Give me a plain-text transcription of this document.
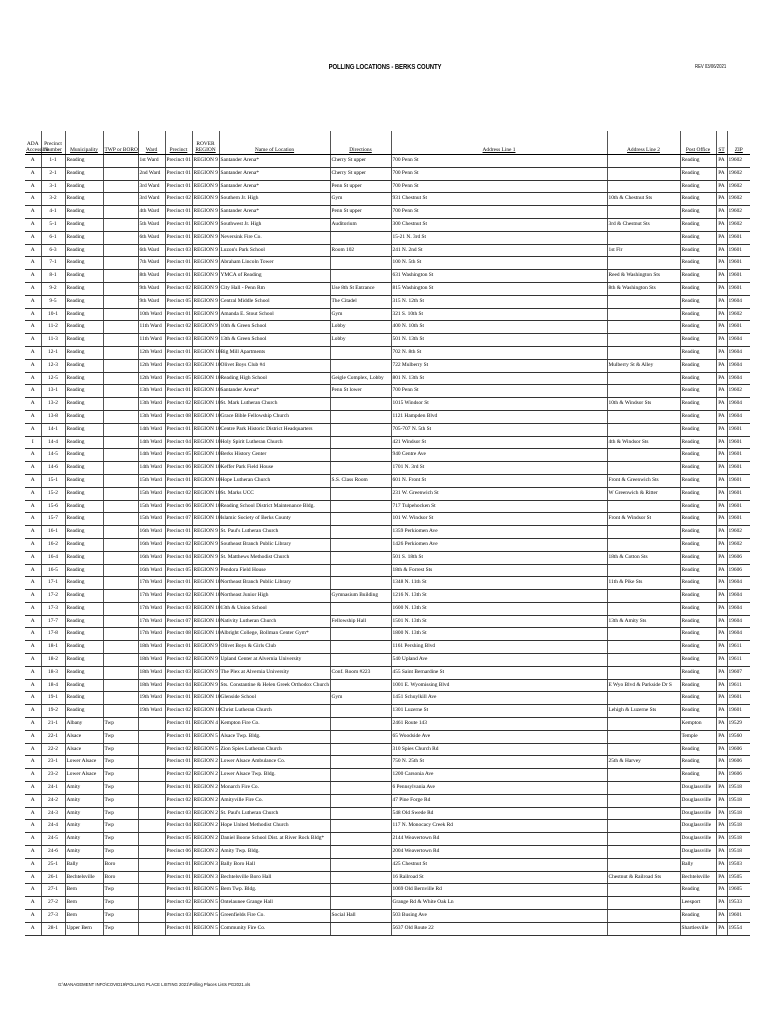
POLLING LOCATIONS - BERKS COUNTY	REV 03/06/2021
ADA
Accessible	Precinct
Number	Municipality	TWP or BORO	Ward	Precinct	ROVER
REGION	Name of Location	Directions	Address Line 1	Address Line 2	Post Office	ST	ZIP

A	1-1	Reading		1st Ward	Precinct 01	REGION 9	Santander Arena*	Cherry St upper	700 Penn St		Reading	PA	19602
A	2-1	Reading		2nd Ward	Precinct 01	REGION 9	Santander Arena*	Cherry St upper	700 Penn St		Reading	PA	19602
A	3-1	Reading		3rd Ward	Precinct 01	REGION 9	Santander Arena*	Penn St upper	700 Penn St		Reading	PA	19602
A	3-2	Reading		3rd Ward	Precinct 02	REGION 9	Southern Jr. High	Gym	931 Chestnut St	10th & Chestnut Sts	Reading	PA	19602
A	4-1	Reading		4th Ward	Precinct 01	REGION 9	Santander Arena*	Penn St upper	700 Penn St		Reading	PA	19602
A	5-1	Reading		5th Ward	Precinct 01	REGION 9	Southwest Jr. High	Auditorium	300 Chestnut St	3rd & Chestnut Sts	Reading	PA	19602
A	6-1	Reading		6th Ward	Precinct 01	REGION 9	Neversink Fire Co.		15-21 N. 3rd St		Reading	PA	19601
A	6-3	Reading		6th Ward	Precinct 03	REGION 9	Luzon's Park School	Room 102	241 N. 2nd St	1st Flr	Reading	PA	19601
A	7-1	Reading		7th Ward	Precinct 01	REGION 9	Abraham Lincoln Tower		100 N. 5th St		Reading	PA	19601
A	8-1	Reading		8th Ward	Precinct 01	REGION 9	YMCA of Reading		631 Washington St	Reed & Washington Sts	Reading	PA	19601
A	9-2	Reading		9th Ward	Precinct 02	REGION 9	City Hall - Penn Rm	Use 8th St Entrance	815 Washington St	8th & Washington Sts	Reading	PA	19601
A	9-5	Reading		9th Ward	Precinct 05	REGION 9	Central Middle School	The Citadel	315 N. 12th St		Reading	PA	19604
A	10-1	Reading		10th Ward	Precinct 01	REGION 9	Amanda E. Stout School	Gym	321 S. 10th St		Reading	PA	19602
A	11-2	Reading		11th Ward	Precinct 02	REGION 9	10th & Green School	Lobby	400 N. 10th St		Reading	PA	19601
A	11-3	Reading		11th Ward	Precinct 03	REGION 9	13th & Green School	Lobby	501 N. 13th St		Reading	PA	19604
A	12-1	Reading		12th Ward	Precinct 01	REGION 10	Big Mill Apartments		702 N. 8th St		Reading	PA	19604
A	12-3	Reading		12th Ward	Precinct 03	REGION 10	Olivet Boys Club #4		722 Mulberry St	Mulberry St & Alley	Reading	PA	19604
A	12-5	Reading		12th Ward	Precinct 05	REGION 10	Reading High School	Geigle Complex, Lobby	801 N. 13th St		Reading	PA	19604
A	13-1	Reading		13th Ward	Precinct 01	REGION 10	Santander Arena*	Penn St lower	700 Penn St		Reading	PA	19602
A	13-2	Reading		13th Ward	Precinct 02	REGION 10	St. Mark Lutheran Church		1015 Windsor St	10th & Windsor Sts	Reading	PA	19604
A	13-8	Reading		13th Ward	Precinct 08	REGION 10	Grace Bible Fellowship Church		1121 Hampden Blvd		Reading	PA	19604
A	14-1	Reading		14th Ward	Precinct 01	REGION 10	Centre Park Historic District Headquarters		705-707 N. 5th St		Reading	PA	19601
I	14-4	Reading		14th Ward	Precinct 04	REGION 10	Holy Spirit Lutheran Church		421 Windsor St	4th & Windsor Sts	Reading	PA	19601
A	14-5	Reading		14th Ward	Precinct 05	REGION 10	Berks History Center		940 Centre Ave		Reading	PA	19601
A	14-6	Reading		14th Ward	Precinct 06	REGION 10	Keffer Park Field House		1701 N. 3rd St		Reading	PA	19601
A	15-1	Reading		15th Ward	Precinct 01	REGION 10	Hope Lutheran Church	S.S. Class Room	601 N. Front St	Front & Greenwich Sts	Reading	PA	19601
A	15-2	Reading		15th Ward	Precinct 02	REGION 10	St. Marks UCC		231 W. Greenwich St	W Greenwich & Ritter	Reading	PA	19601
A	15-6	Reading		15th Ward	Precinct 06	REGION 10	Reading School District Maintenance Bldg.		717 Tulpehocken St		Reading	PA	19601
A	15-7	Reading		15th Ward	Precinct 07	REGION 10	Islamic Society of Berks County		101 W. Windsor St	Front & Windsor St	Reading	PA	19601
A	16-1	Reading		16th Ward	Precinct 01	REGION 9	St. Paul's Lutheran Church		1359 Perkiomen Ave		Reading	PA	19602
A	16-2	Reading		16th Ward	Precinct 02	REGION 9	Southeast Branch Public Library		1426 Perkiomen Ave		Reading	PA	19602
A	16-4	Reading		16th Ward	Precinct 04	REGION 9	St. Matthews Methodist Church		501 S. 18th St	18th & Cotton Sts	Reading	PA	19606
A	16-5	Reading		16th Ward	Precinct 05	REGION 9	Pendora Field House		18th & Forrest Sts		Reading	PA	19606
A	17-1	Reading		17th Ward	Precinct 01	REGION 10	Northeast Branch Public Library		1348 N. 11th St	11th & Pike Sts	Reading	PA	19604
A	17-2	Reading		17th Ward	Precinct 02	REGION 10	Northeast Junior High	Gymnasium Building	1216 N. 13th St		Reading	PA	19604
A	17-3	Reading		17th Ward	Precinct 03	REGION 10	13th & Union School		1600 N. 13th St		Reading	PA	19604
A	17-7	Reading		17th Ward	Precinct 07	REGION 10	Nativity Lutheran Church	Fellowship Hall	1501 N. 13th St	13th & Amity Sts	Reading	PA	19604
A	17-8	Reading		17th Ward	Precinct 08	REGION 10	Albright College, Bollman Center Gym*		1800 N. 13th St		Reading	PA	19604
A	18-1	Reading		18th Ward	Precinct 01	REGION 9	Olivet Boys & Girls Club		1161 Pershing Blvd		Reading	PA	19611
A	18-2	Reading		18th Ward	Precinct 02	REGION 9	Upland Center at Alvernia University		540 Upland Ave		Reading	PA	19611
A	18-3	Reading		18th Ward	Precinct 03	REGION 9	The Plex at Alvernia University	Conf. Room #223	455 Saint Bernardine St		Reading	PA	19607
A	18-4	Reading		18th Ward	Precinct 04	REGION 9	Sts. Constantine & Helen Greek Orthodox Church		1001 E. Wyomissing Blvd	E Wyo Blvd & Parkside Dr S	Reading	PA	19611
A	19-1	Reading		19th Ward	Precinct 01	REGION 10	Glenside School	Gym	1451 Schuylkill Ave		Reading	PA	19601
A	19-2	Reading		19th Ward	Precinct 02	REGION 10	Christ Lutheran Church		1301 Luzerne St	Lehigh & Luzerne Sts	Reading	PA	19601
A	21-1	Albany	Twp		Precinct 01	REGION 4	Kempton Fire Co.		2461 Route 143		Kempton	PA	19529
A	22-1	Alsace	Twp		Precinct 01	REGION 5	Alsace Twp. Bldg.		65 Woodside Ave		Temple	PA	19560
A	22-2	Alsace	Twp		Precinct 02	REGION 5	Zion Spies Lutheran Church		310 Spies Church Rd		Reading	PA	19606
A	23-1	Lower Alsace	Twp		Precinct 01	REGION 2	Lower Alsace Ambulance Co.		750 N. 25th St	25th & Harvey	Reading	PA	19606
A	23-2	Lower Alsace	Twp		Precinct 02	REGION 2	Lower Alsace Twp. Bldg.		1200 Carsonia Ave		Reading	PA	19606
A	24-1	Amity	Twp		Precinct 01	REGION 2	Monarch Fire Co.		6 Pennsylvania Ave		Douglassville	PA	19518
A	24-2	Amity	Twp		Precinct 02	REGION 2	Amityville Fire Co.		47 Pine Forge Rd		Douglassville	PA	19518
A	24-3	Amity	Twp		Precinct 03	REGION 2	St. Paul's Lutheran Church		548 Old Swede Rd		Douglassville	PA	19518
A	24-4	Amity	Twp		Precinct 04	REGION 2	Hope United Methodist Church		117 N. Monocacy Creek Rd		Douglassville	PA	19518
A	24-5	Amity	Twp		Precinct 05	REGION 2	Daniel Boone School Dist. at River Rock Bldg*		2144 Weavertown Rd		Douglassville	PA	19518
A	24-6	Amity	Twp		Precinct 06	REGION 2	Amity Twp. Bldg.		2004 Weavertown Rd		Douglassville	PA	19518
A	25-1	Bally	Boro		Precinct 01	REGION 3	Bally Boro Hall		425 Chestnut St		Bally	PA	19503
A	26-1	Bechtelsville	Boro		Precinct 01	REGION 3	Bechtelsville Boro Hall		16 Railroad St	Chestnut & Railroad Sts	Bechtelsville	PA	19505
A	27-1	Bern	Twp		Precinct 01	REGION 5	Bern Twp. Bldg.		1069 Old Bernville Rd		Reading	PA	19605
A	27-2	Bern	Twp		Precinct 02	REGION 5	Ontelaunee Grange Hall		Grange Rd & White Oak Ln		Leesport	PA	19533
A	27-3	Bern	Twp		Precinct 03	REGION 5	Greenfields Fire Co.	Social Hall	503 Busing Ave		Reading	PA	19601
A	28-1	Upper Bern	Twp		Precinct 01	REGION 5	Community Fire Co.		5637 Old Route 22		Shartlesville	PA	19554
G:\MANAGEMENT INFO\COVID19\POLLING PLACE LISTING 2021\Polling Places Lists PG2021.xls
